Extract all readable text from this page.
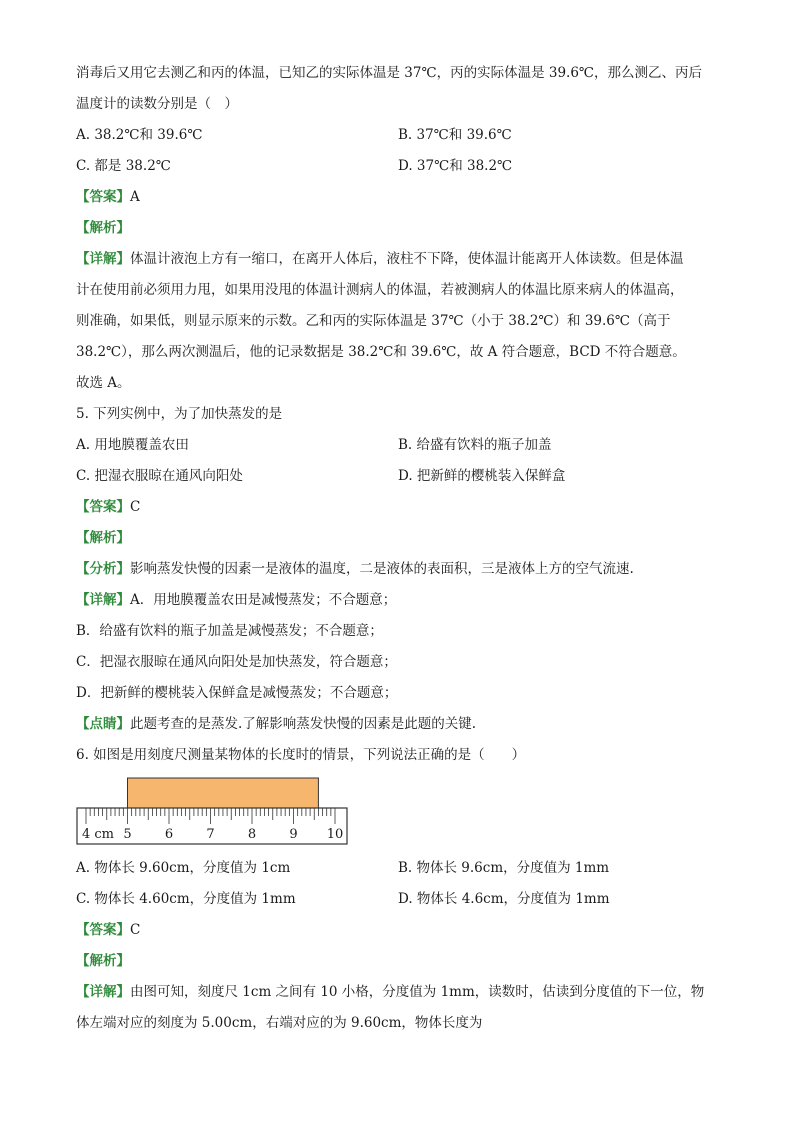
消毒后又用它去测乙和丙的体温，已知乙的实际体温是 37℃，丙的实际体温是 39.6℃，那么测乙、丙后
温度计的读数分别是（　）
A. 38.2℃和 39.6℃	B. 37℃和 39.6℃
C. 都是 38.2℃	D. 37℃和 38.2℃
【答案】A
【解析】
【详解】体温计液泡上方有一缩口，在离开人体后，液柱不下降，使体温计能离开人体读数。但是体温
计在使用前必须用力甩，如果用没甩的体温计测病人的体温，若被测病人的体温比原来病人的体温高，
则准确，如果低，则显示原来的示数。乙和丙的实际体温是 37℃（小于 38.2℃）和 39.6℃（高于
38.2℃），那么两次测温后，他的记录数据是 38.2℃和 39.6℃，故 A 符合题意，BCD 不符合题意。
故选 A。
5. 下列实例中，为了加快蒸发的是
A. 用地膜覆盖农田	B. 给盛有饮料的瓶子加盖
C. 把湿衣服晾在通风向阳处	D. 把新鲜的樱桃装入保鲜盒
【答案】C
【解析】
【分析】影响蒸发快慢的因素一是液体的温度，二是液体的表面积，三是液体上方的空气流速.
【详解】A．用地膜覆盖农田是减慢蒸发；不合题意；
B．给盛有饮料的瓶子加盖是减慢蒸发；不合题意；
C．把湿衣服晾在通风向阳处是加快蒸发，符合题意；
D．把新鲜的樱桃装入保鲜盒是减慢蒸发；不合题意；
【点睛】此题考查的是蒸发.了解影响蒸发快慢的因素是此题的关键.
6. 如图是用刻度尺测量某物体的长度时的情景，下列说法正确的是（　　）
4 cm 5	6	7	8	9 10
A. 物体长 9.60cm，分度值为 1cm	B. 物体长 9.6cm，分度值为 1mm
C. 物体长 4.60cm，分度值为 1mm	D. 物体长 4.6cm，分度值为 1mm
【答案】C
【解析】
【详解】由图可知，刻度尺 1cm 之间有 10 小格，分度值为 1mm，读数时，估读到分度值的下一位，物
体左端对应的刻度为 5.00cm，右端对应的为 9.60cm，物体长度为
